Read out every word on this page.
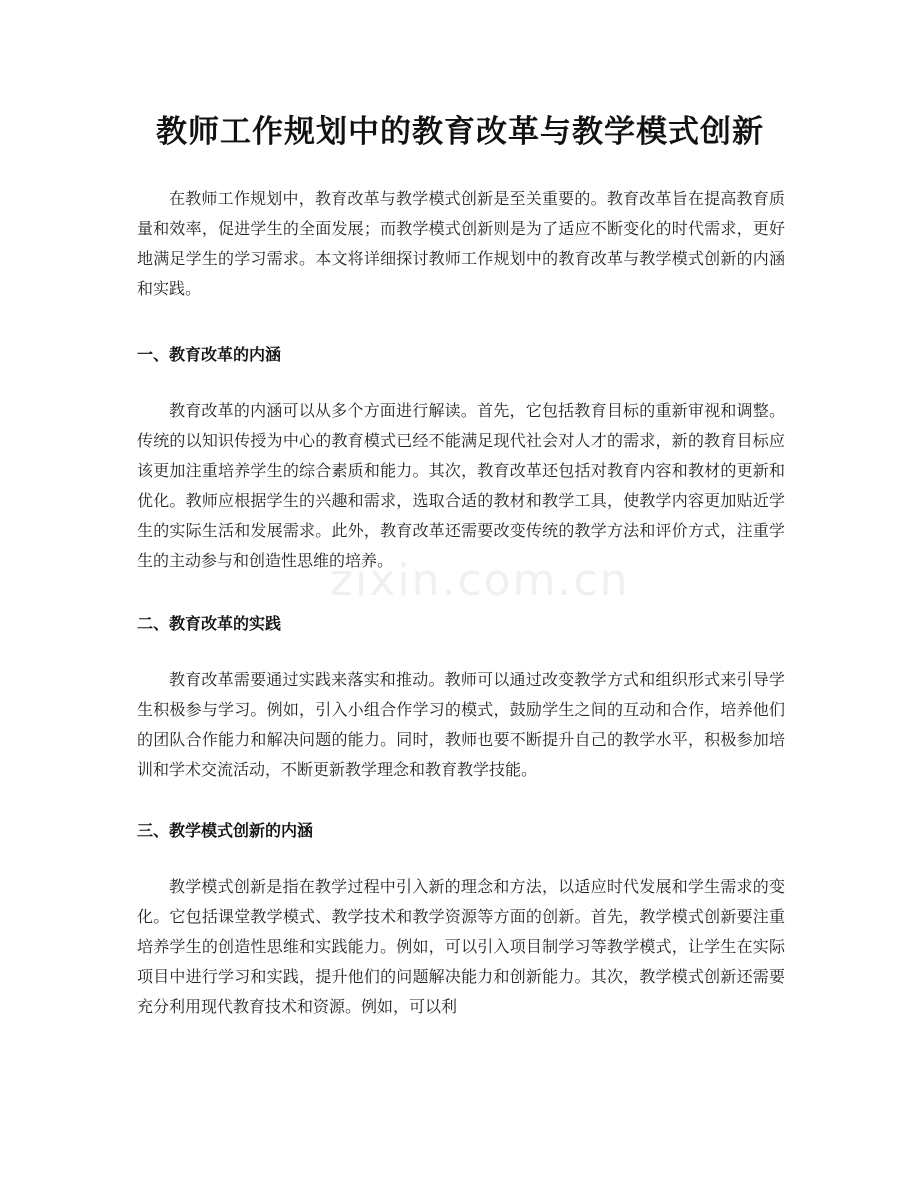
教师工作规划中的教育改革与教学模式创新

在教师工作规划中，教育改革与教学模式创新是至关重要的。教育改革旨在提高教育质量和效率，促进学生的全面发展；而教学模式创新则是为了适应不断变化的时代需求，更好地满足学生的学习需求。本文将详细探讨教师工作规划中的教育改革与教学模式创新的内涵和实践。

一、教育改革的内涵

教育改革的内涵可以从多个方面进行解读。首先，它包括教育目标的重新审视和调整。传统的以知识传授为中心的教育模式已经不能满足现代社会对人才的需求，新的教育目标应该更加注重培养学生的综合素质和能力。其次，教育改革还包括对教育内容和教材的更新和优化。教师应根据学生的兴趣和需求，选取合适的教材和教学工具，使教学内容更加贴近学生的实际生活和发展需求。此外，教育改革还需要改变传统的教学方法和评价方式，注重学生的主动参与和创造性思维的培养。

二、教育改革的实践

教育改革需要通过实践来落实和推动。教师可以通过改变教学方式和组织形式来引导学生积极参与学习。例如，引入小组合作学习的模式，鼓励学生之间的互动和合作，培养他们的团队合作能力和解决问题的能力。同时，教师也要不断提升自己的教学水平，积极参加培训和学术交流活动，不断更新教学理念和教育教学技能。

三、教学模式创新的内涵

教学模式创新是指在教学过程中引入新的理念和方法，以适应时代发展和学生需求的变化。它包括课堂教学模式、教学技术和教学资源等方面的创新。首先，教学模式创新要注重培养学生的创造性思维和实践能力。例如，可以引入项目制学习等教学模式，让学生在实际项目中进行学习和实践，提升他们的问题解决能力和创新能力。其次，教学模式创新还需要充分利用现代教育技术和资源。例如，可以利

zixin.com.cn
